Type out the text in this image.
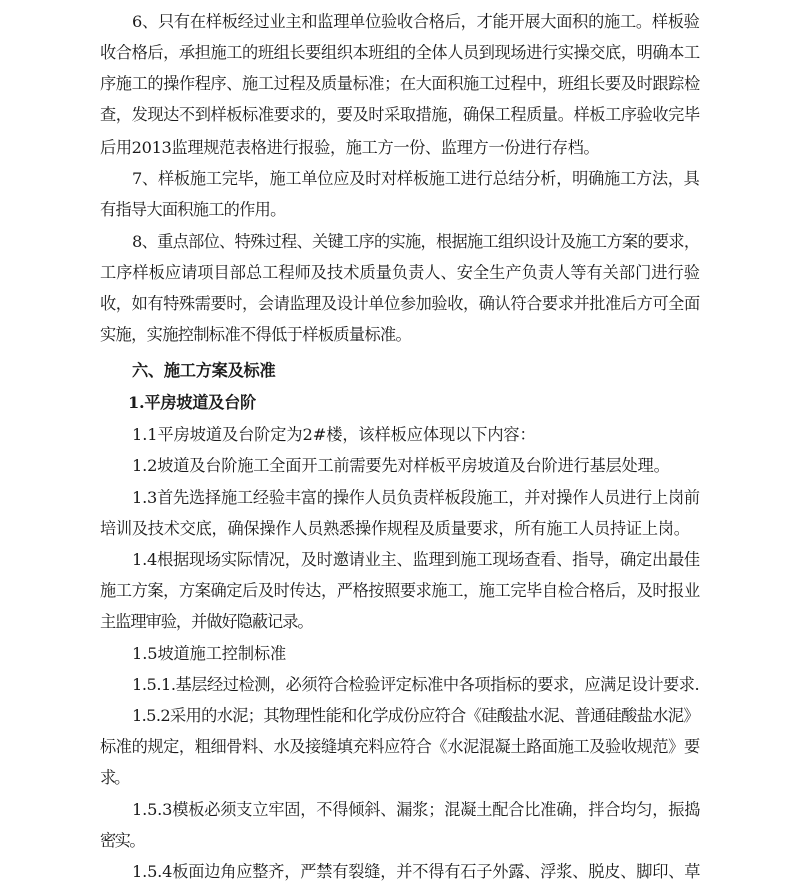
6、只有在样板经过业主和监理单位验收合格后，才能开展大面积的施工。样板验
收合格后，承担施工的班组长要组织本班组的全体人员到现场进行实操交底，明确本工
序施工的操作程序、施工过程及质量标准；在大面积施工过程中，班组长要及时跟踪检
查，发现达不到样板标准要求的，要及时采取措施，确保工程质量。样板工序验收完毕
后用2013监理规范表格进行报验，施工方一份、监理方一份进行存档。
7、样板施工完毕，施工单位应及时对样板施工进行总结分析，明确施工方法，具
有指导大面积施工的作用。
8、重点部位、特殊过程、关键工序的实施，根据施工组织设计及施工方案的要求，
工序样板应请项目部总工程师及技术质量负责人、安全生产负责人等有关部门进行验
收，如有特殊需要时，会请监理及设计单位参加验收，确认符合要求并批准后方可全面
实施，实施控制标准不得低于样板质量标准。
六、施工方案及标准
1.平房坡道及台阶
1.1平房坡道及台阶定为2#楼，该样板应体现以下内容：
1.2坡道及台阶施工全面开工前需要先对样板平房坡道及台阶进行基层处理。
1.3首先选择施工经验丰富的操作人员负责样板段施工，并对操作人员进行上岗前
培训及技术交底，确保操作人员熟悉操作规程及质量要求，所有施工人员持证上岗。
1.4根据现场实际情况，及时邀请业主、监理到施工现场查看、指导，确定出最佳
施工方案，方案确定后及时传达，严格按照要求施工，施工完毕自检合格后，及时报业
主监理审验，并做好隐蔽记录。
1.5坡道施工控制标准
1.5.1.基层经过检测，必须符合检验评定标准中各项指标的要求，应满足设计要求.
1.5.2采用的水泥；其物理性能和化学成份应符合《硅酸盐水泥、普通硅酸盐水泥》
标准的规定，粗细骨料、水及接缝填充料应符合《水泥混凝土路面施工及验收规范》要
求。
1.5.3模板必须支立牢固，不得倾斜、漏浆；混凝土配合比准确，拌合均匀，振捣
密实。
1.5.4板面边角应整齐，严禁有裂缝，并不得有石子外露、浮浆、脱皮、脚印、草
